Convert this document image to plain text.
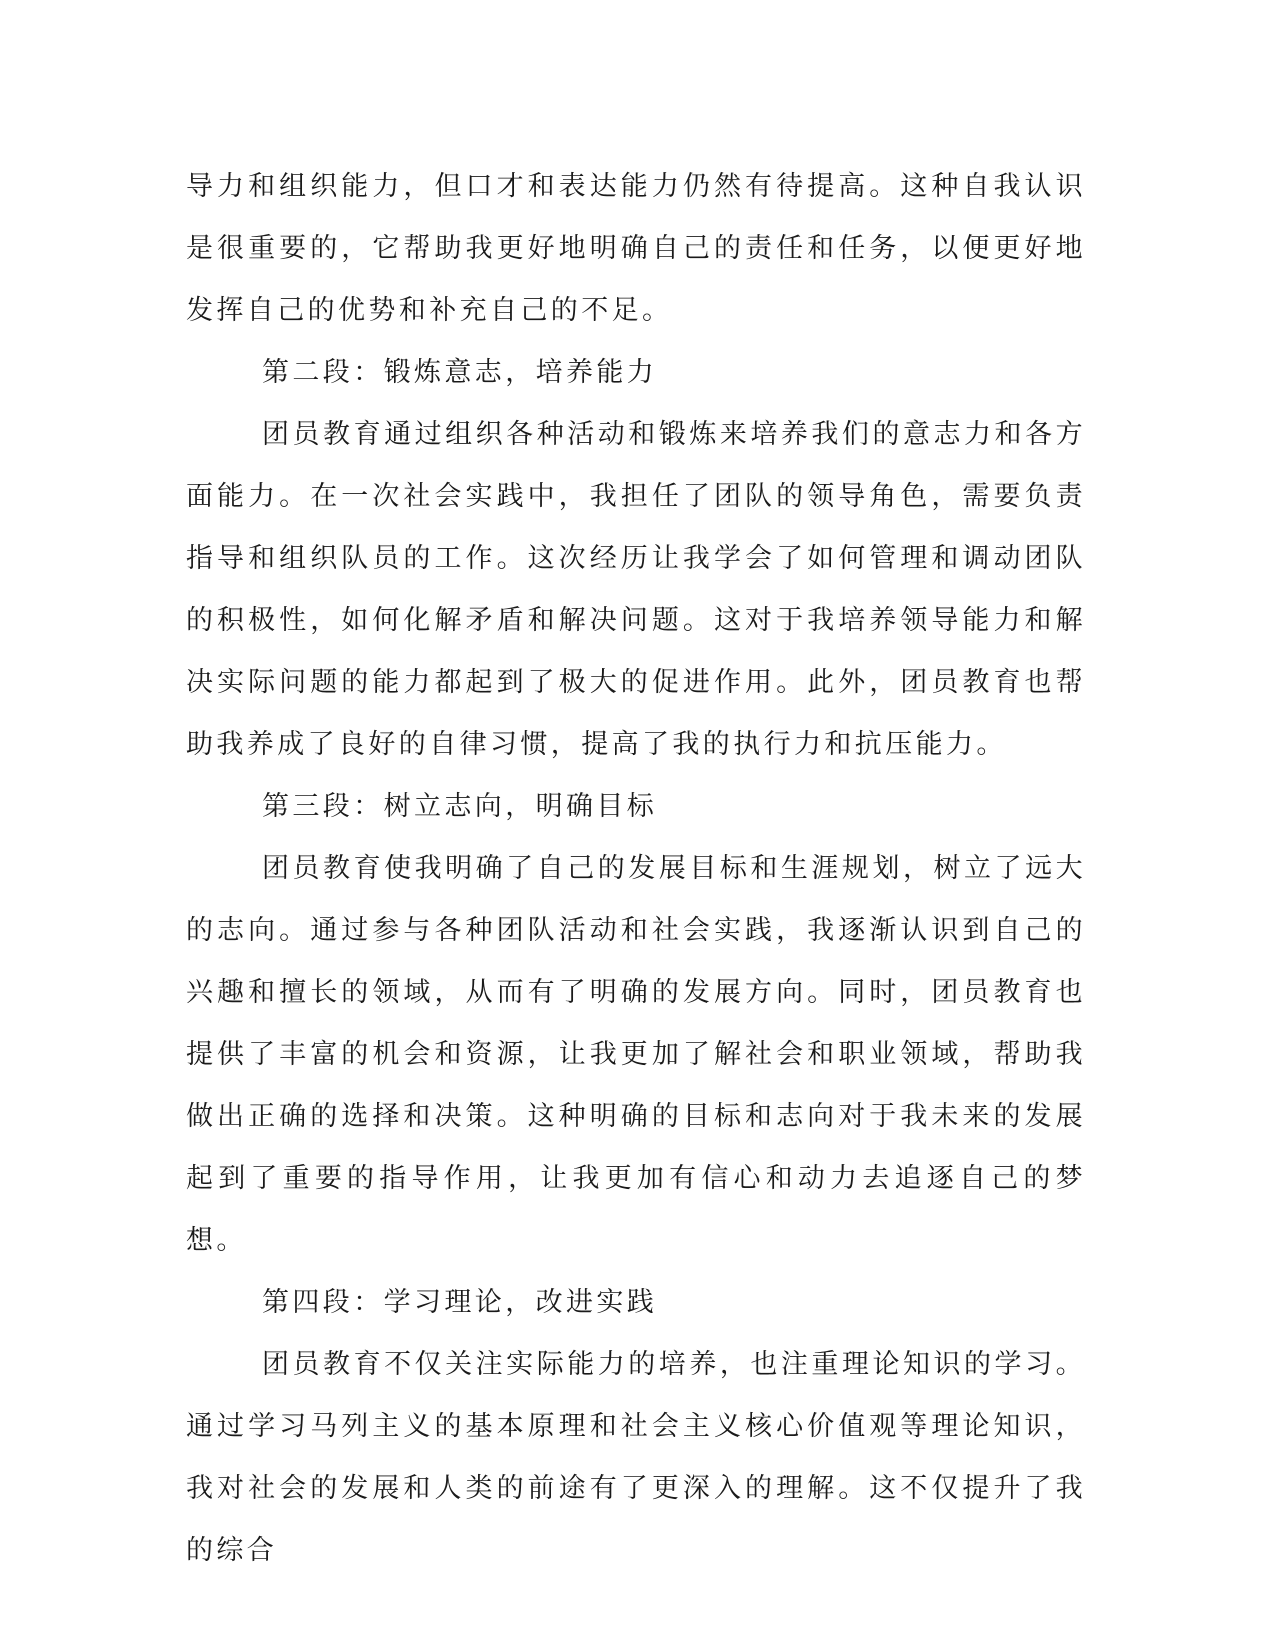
导力和组织能力，但口才和表达能力仍然有待提高。这种自我认识是很重要的，它帮助我更好地明确自己的责任和任务，以便更好地发挥自己的优势和补充自己的不足。

第二段：锻炼意志，培养能力

团员教育通过组织各种活动和锻炼来培养我们的意志力和各方面能力。在一次社会实践中，我担任了团队的领导角色，需要负责指导和组织队员的工作。这次经历让我学会了如何管理和调动团队的积极性，如何化解矛盾和解决问题。这对于我培养领导能力和解决实际问题的能力都起到了极大的促进作用。此外，团员教育也帮助我养成了良好的自律习惯，提高了我的执行力和抗压能力。

第三段：树立志向，明确目标

团员教育使我明确了自己的发展目标和生涯规划，树立了远大的志向。通过参与各种团队活动和社会实践，我逐渐认识到自己的兴趣和擅长的领域，从而有了明确的发展方向。同时，团员教育也提供了丰富的机会和资源，让我更加了解社会和职业领域，帮助我做出正确的选择和决策。这种明确的目标和志向对于我未来的发展起到了重要的指导作用，让我更加有信心和动力去追逐自己的梦想。

第四段：学习理论，改进实践

团员教育不仅关注实际能力的培养，也注重理论知识的学习。通过学习马列主义的基本原理和社会主义核心价值观等理论知识，我对社会的发展和人类的前途有了更深入的理解。这不仅提升了我的综合
